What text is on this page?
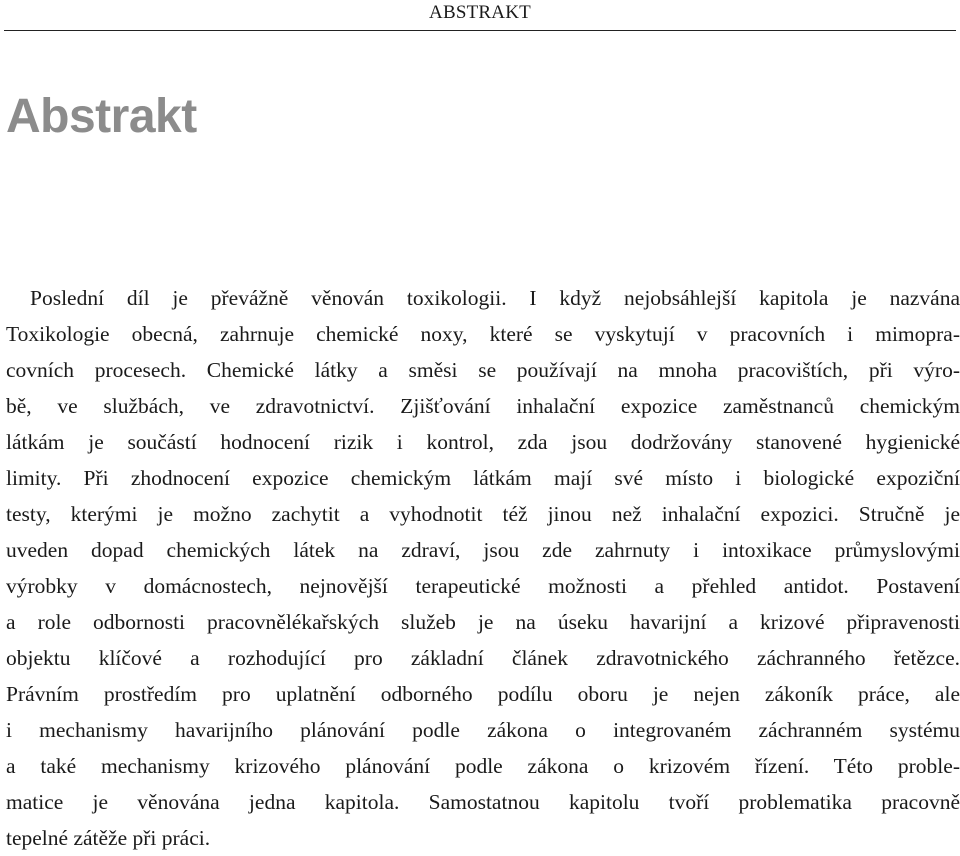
ABSTRAKT
Abstrakt
Poslední díl je převážně věnován toxikologii. I když nejobsáhlejší kapitola je nazvána
Toxikologie obecná, zahrnuje chemické noxy, které se vyskytují v pracovních i mimopra-
covních procesech. Chemické látky a směsi se používají na mnoha pracovištích, při výro-
bě, ve službách, ve zdravotnictví. Zjišťování inhalační expozice zaměstnanců chemickým
látkám je součástí hodnocení rizik i kontrol, zda jsou dodržovány stanovené hygienické
limity. Při zhodnocení expozice chemickým látkám mají své místo i biologické expoziční
testy, kterými je možno zachytit a vyhodnotit též jinou než inhalační expozici. Stručně je
uveden dopad chemických látek na zdraví, jsou zde zahrnuty i intoxikace průmyslovými
výrobky v domácnostech, nejnovější terapeutické možnosti a přehled antidot. Postavení
a role odbornosti pracovnělékařských služeb je na úseku havarijní a krizové připravenosti
objektu klíčové a rozhodující pro základní článek zdravotnického záchranného řetězce.
Právním prostředím pro uplatnění odborného podílu oboru je nejen zákoník práce, ale
i mechanismy havarijního plánování podle zákona o integrovaném záchranném systému
a také mechanismy krizového plánování podle zákona o krizovém řízení. Této proble-
matice je věnována jedna kapitola. Samostatnou kapitolu tvoří problematika pracovně
tepelné zátěže při práci.
